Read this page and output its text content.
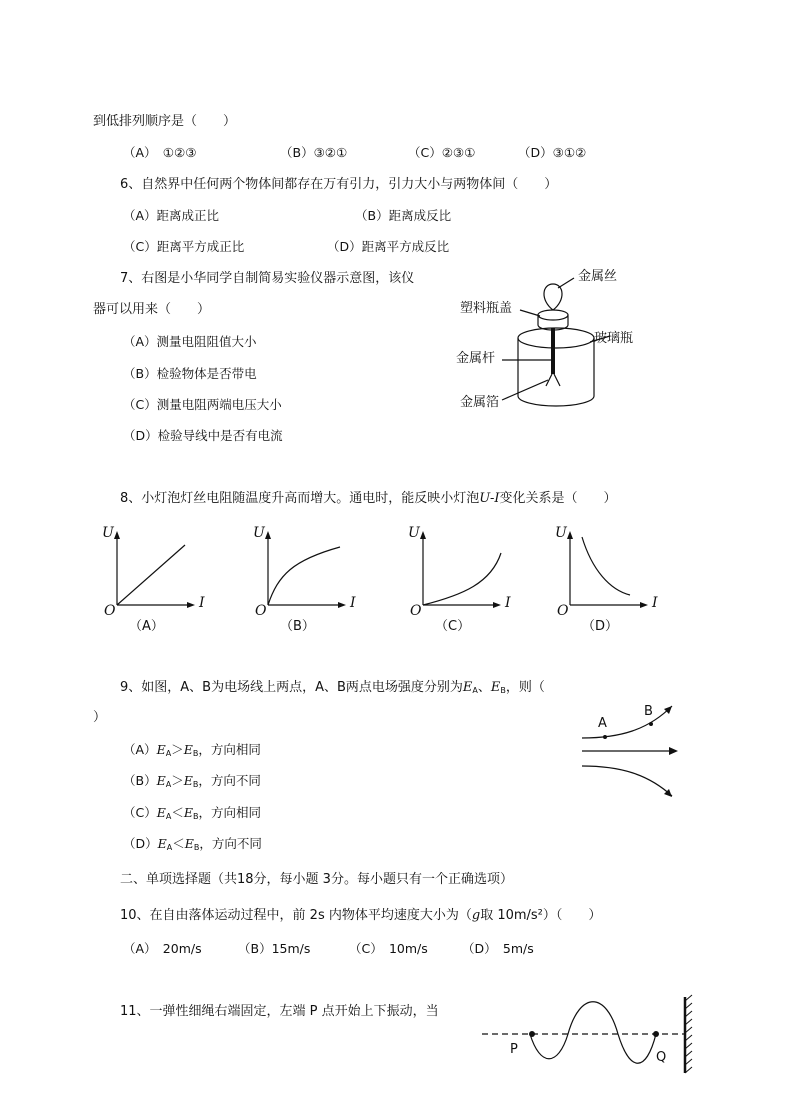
到低排列顺序是（　　）
（A）　①②③	（B）③②①	（C）②③①	（D）③①②
6、自然界中任何两个物体间都存在万有引力，引力大小与两物体间（　　）
（A）距离成正比	（B）距离成反比
（C）距离平方成正比	（D）距离平方成反比
7、右图是小华同学自制简易实验仪器示意图，该仪
器可以用来（　　）
（A）测量电阻阻值大小
（B）检验物体是否带电
（C）测量电阻两端电压大小
（D）检验导线中是否有电流
金属丝
塑料瓶盖
玻璃瓶
金属杆
金属箔
8、小灯泡灯丝电阻随温度升高而增大。通电时，能反映小灯泡U-I变化关系是（　　）
U
I
O
（A）
U
I
O
（B）
U
I
O
（C）
U
I
O
（D）
9、如图，A、B为电场线上两点，A、B两点电场强度分别为$E_A$、$E_B$，则（
）
$(A)E_A>E_B$，方向相同
$(B)E_A>E_B$，方向不同
$(C)E_A<E_B$，方向相同
$(D)E_A<E_B$，方向不同
A
B
二、单项选择题（共18分，每小题 3分。每小题只有一个正确选项）
10、在自由落体运动过程中，前 2s 内物体平均速度大小为（g取 10m/s²）（　　）
（A）　20m/s	（B）15m/s	（C）　10m/s	（D）　5m/s
11、一弹性细绳右端固定，左端 P 点开始上下振动，当
P
Q
